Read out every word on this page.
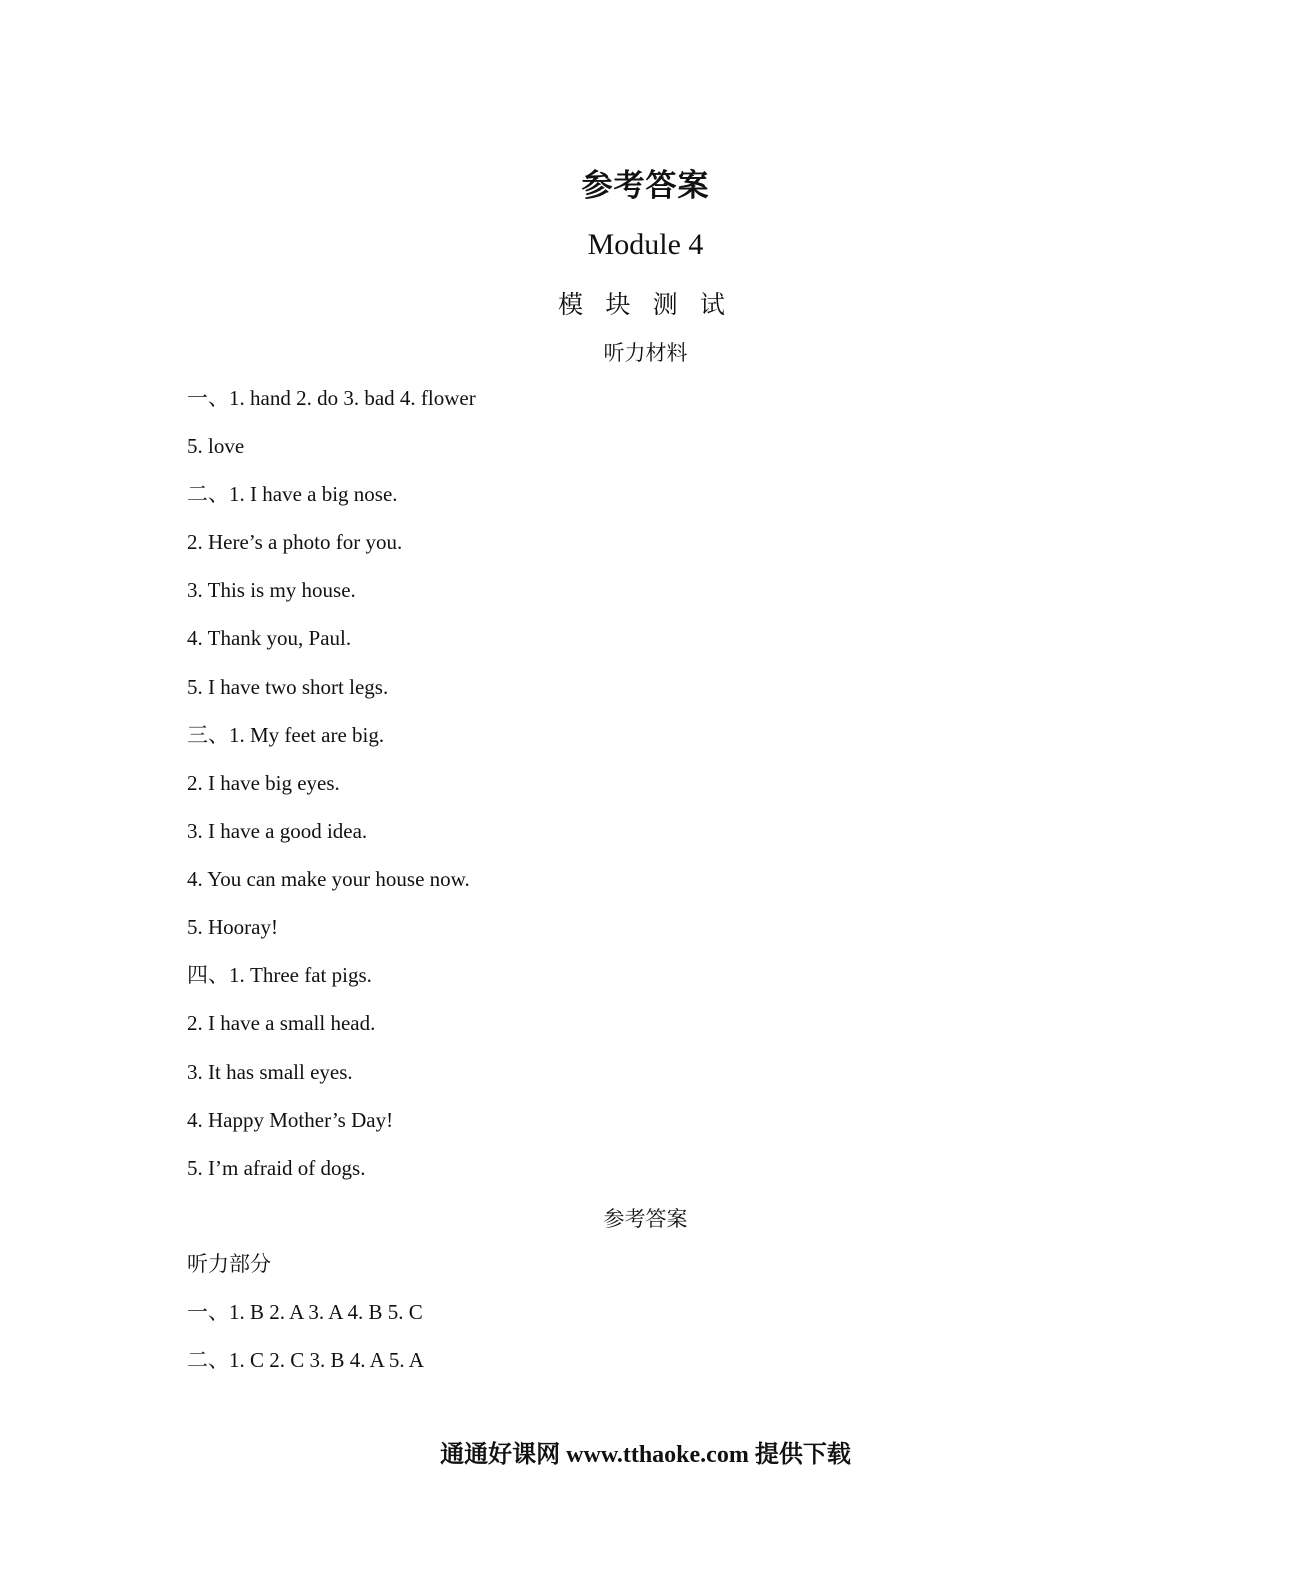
参考答案
Module 4
模 块 测 试
听力材料
一、1. hand 2. do 3. bad 4. flower
5. love
二、1. I have a big nose.
2. Here’s a photo for you.
3. This is my house.
4. Thank you, Paul.
5. I have two short legs.
三、1. My feet are big.
2. I have big eyes.
3. I have a good idea.
4. You can make your house now.
5. Hooray!
四、1. Three fat pigs.
2. I have a small head.
3. It has small eyes.
4. Happy Mother’s Day!
5. I’m afraid of dogs.
参考答案
听力部分
一、1. B 2. A 3. A 4. B 5. C
二、1. C 2. C 3. B 4. A 5. A
通通好课网 www.tthaoke.com 提供下载
